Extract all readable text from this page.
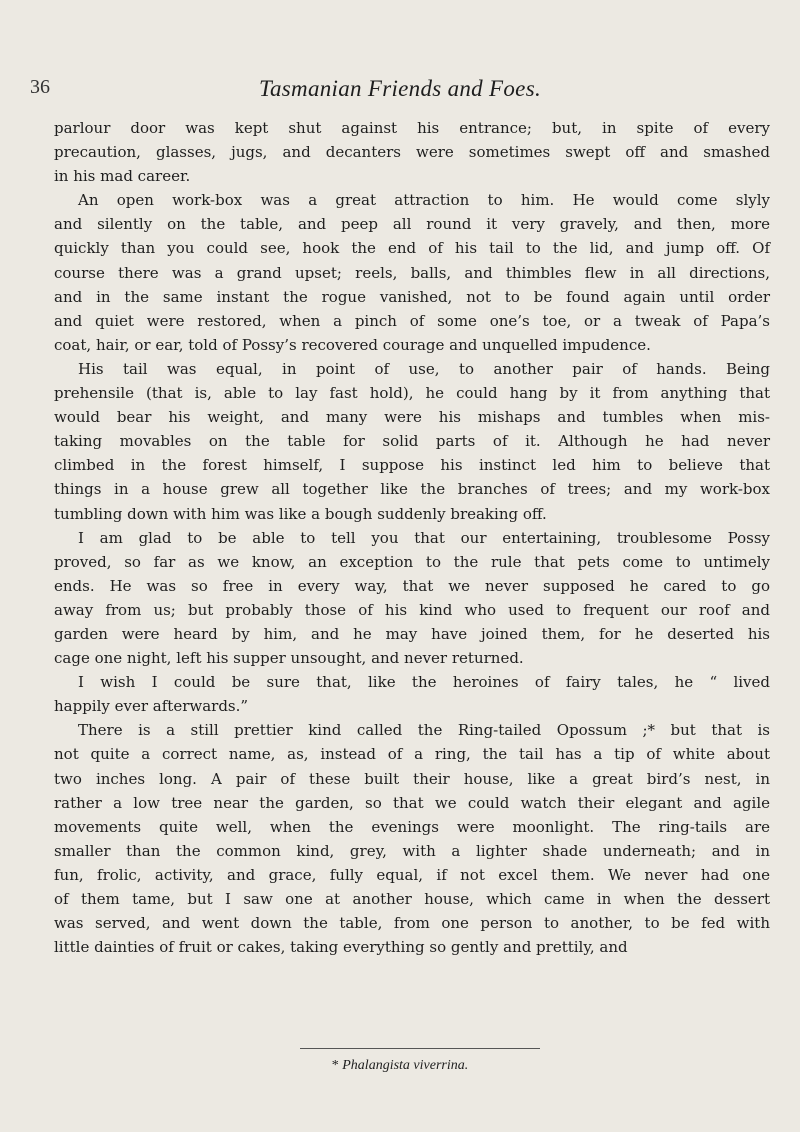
36	Tasmanian Friends and Foes.
parlour door was kept shut against his entrance; but, in spite of every
precaution, glasses, jugs, and decanters were sometimes swept off and smashed
in his mad career.
An open work-box was a great attraction to him. He would come slyly
and silently on the table, and peep all round it very gravely, and then, more
quickly than you could see, hook the end of his tail to the lid, and jump off. Of
course there was a grand upset; reels, balls, and thimbles flew in all directions,
and in the same instant the rogue vanished, not to be found again until order
and quiet were restored, when a pinch of some one’s toe, or a tweak of Papa’s
coat, hair, or ear, told of Possy’s recovered courage and unquelled impudence.
His tail was equal, in point of use, to another pair of hands. Being
prehensile (that is, able to lay fast hold), he could hang by it from anything that
would bear his weight, and many were his mishaps and tumbles when mis-
taking movables on the table for solid parts of it. Although he had never
climbed in the forest himself, I suppose his instinct led him to believe that
things in a house grew all together like the branches of trees; and my work-box
tumbling down with him was like a bough suddenly breaking off.
I am glad to be able to tell you that our entertaining, troublesome Possy
proved, so far as we know, an exception to the rule that pets come to untimely
ends. He was so free in every way, that we never supposed he cared to go
away from us; but probably those of his kind who used to frequent our roof and
garden were heard by him, and he may have joined them, for he deserted his
cage one night, left his supper unsought, and never returned.
I wish I could be sure that, like the heroines of fairy tales, he “ lived
happily ever afterwards.”
There is a still prettier kind called the Ring-tailed Opossum ;* but that is
not quite a correct name, as, instead of a ring, the tail has a tip of white about
two inches long. A pair of these built their house, like a great bird’s nest, in
rather a low tree near the garden, so that we could watch their elegant and agile
movements quite well, when the evenings were moonlight. The ring-tails are
smaller than the common kind, grey, with a lighter shade underneath; and in
fun, frolic, activity, and grace, fully equal, if not excel them. We never had one
of them tame, but I saw one at another house, which came in when the dessert
was served, and went down the table, from one person to another, to be fed with
little dainties of fruit or cakes, taking everything so gently and prettily, and
* Phalangista viverrina.
